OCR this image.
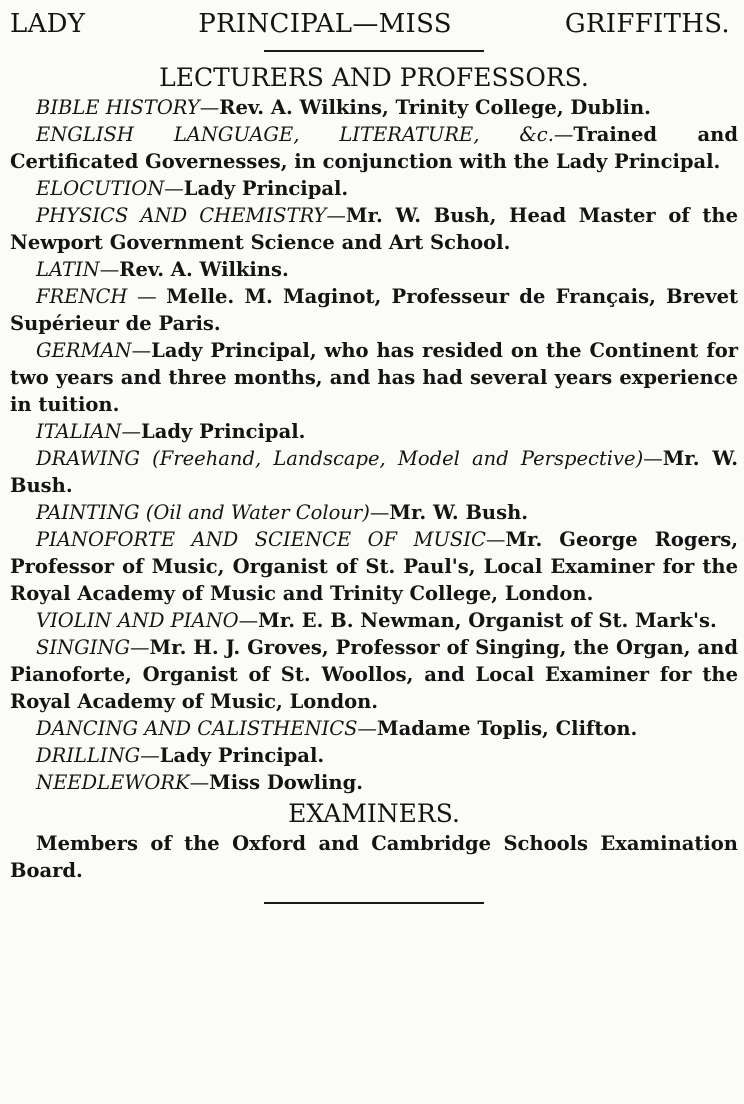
LADY PRINCIPAL—MISS GRIFFITHS.
LECTURERS AND PROFESSORS.

BIBLE HISTORY—Rev. A. Wilkins, Trinity College, Dublin.

ENGLISH LANGUAGE, LITERATURE, &c.—Trained and Certificated Governesses, in conjunction with the Lady Principal.

ELOCUTION—Lady Principal.

PHYSICS AND CHEMISTRY—Mr. W. Bush, Head Master of the Newport Government Science and Art School.

LATIN—Rev. A. Wilkins.

FRENCH — Melle. M. Maginot, Professeur de Français, Brevet Supérieur de Paris.

GERMAN—Lady Principal, who has resided on the Continent for two years and three months, and has had several years experience in tuition.

ITALIAN—Lady Principal.

DRAWING (Freehand, Landscape, Model and Perspective)—Mr. W. Bush.

PAINTING (Oil and Water Colour)—Mr. W. Bush.

PIANOFORTE AND SCIENCE OF MUSIC—Mr. George Rogers, Professor of Music, Organist of St. Paul's, Local Examiner for the Royal Academy of Music and Trinity College, London.

VIOLIN AND PIANO—Mr. E. B. Newman, Organist of St. Mark's.

SINGING—Mr. H. J. Groves, Professor of Singing, the Organ, and Pianoforte, Organist of St. Woollos, and Local Examiner for the Royal Academy of Music, London.

DANCING AND CALISTHENICS—Madame Toplis, Clifton.

DRILLING—Lady Principal.

NEEDLEWORK—Miss Dowling.

EXAMINERS.

Members of the Oxford and Cambridge Schools Examination Board.
